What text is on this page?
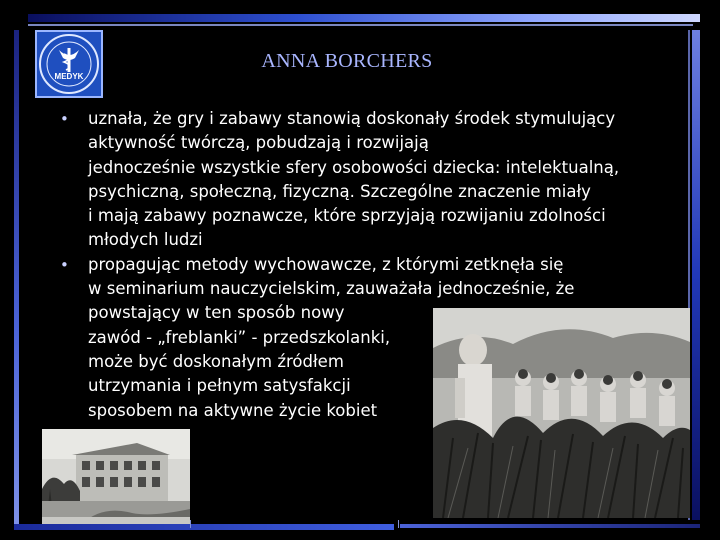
MEDYK
ANNA BORCHERS
• uznała, że gry i zabawy stanowią doskonały środek stymulujący
aktywność twórczą, pobudzają i rozwijają
jednocześnie wszystkie sfery osobowości dziecka: intelektualną,
psychiczną, społeczną, fizyczną. Szczególne znaczenie miały
i mają zabawy poznawcze, które sprzyjają rozwijaniu zdolności
młodych ludzi
• propagując metody wychowawcze, z którymi zetknęła się
w seminarium nauczycielskim, zauważała jednocześnie, że
powstający w ten sposób nowy
zawód - „freblanki” - przedszkolanki,
może być doskonałym źródłem
utrzymania i pełnym satysfakcji
sposobem na aktywne życie kobiet
